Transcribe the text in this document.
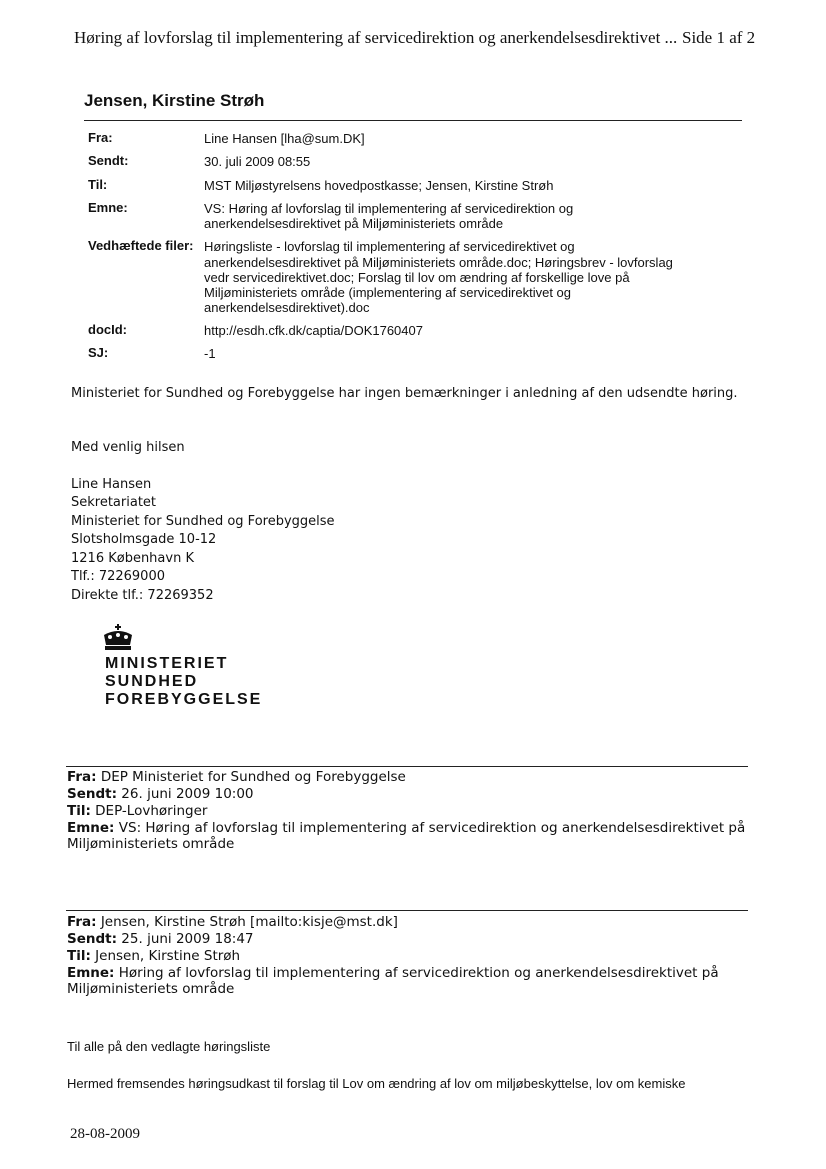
Høring af lovforslag til implementering af servicedirektion og anerkendelsesdirektivet ... Side 1 af 2
Jensen, Kirstine Strøh
Fra:	Line Hansen [lha@sum.DK]
Sendt:	30. juli 2009 08:55
Til:	MST Miljøstyrelsens hovedpostkasse; Jensen, Kirstine Strøh
Emne:	VS: Høring af lovforslag til implementering af servicedirektion og
anerkendelsesdirektivet på Miljøministeriets område
Vedhæftede filer: Høringsliste - lovforslag til implementering af servicedirektivet og
anerkendelsesdirektivet på Miljøministeriets område.doc; Høringsbrev - lovforslag
vedr servicedirektivet.doc; Forslag til lov om ændring af forskellige love på
Miljøministeriets område (implementering af servicedirektivet og
anerkendelsesdirektivet).doc
docId:	http://esdh.cfk.dk/captia/DOK1760407
SJ:	-1
Ministeriet for Sundhed og Forebyggelse har ingen bemærkninger i anledning af den udsendte høring.
Med venlig hilsen
Line Hansen
Sekretariatet
Ministeriet for Sundhed og Forebyggelse
Slotsholmsgade 10-12
1216 København K
Tlf.: 72269000
Direkte tlf.: 72269352
MINISTERIET
SUNDHED
FOREBYGGELSE
Fra: DEP Ministeriet for Sundhed og Forebyggelse
Sendt: 26. juni 2009 10:00
Til: DEP-Lovhøringer
Emne: VS: Høring af lovforslag til implementering af servicedirektion og anerkendelsesdirektivet på
Miljøministeriets område
Fra: Jensen, Kirstine Strøh [mailto:kisje@mst.dk]
Sendt: 25. juni 2009 18:47
Til: Jensen, Kirstine Strøh
Emne: Høring af lovforslag til implementering af servicedirektion og anerkendelsesdirektivet på
Miljøministeriets område
Til alle på den vedlagte høringsliste
Hermed fremsendes høringsudkast til forslag til Lov om ændring af lov om miljøbeskyttelse, lov om kemiske
28-08-2009
